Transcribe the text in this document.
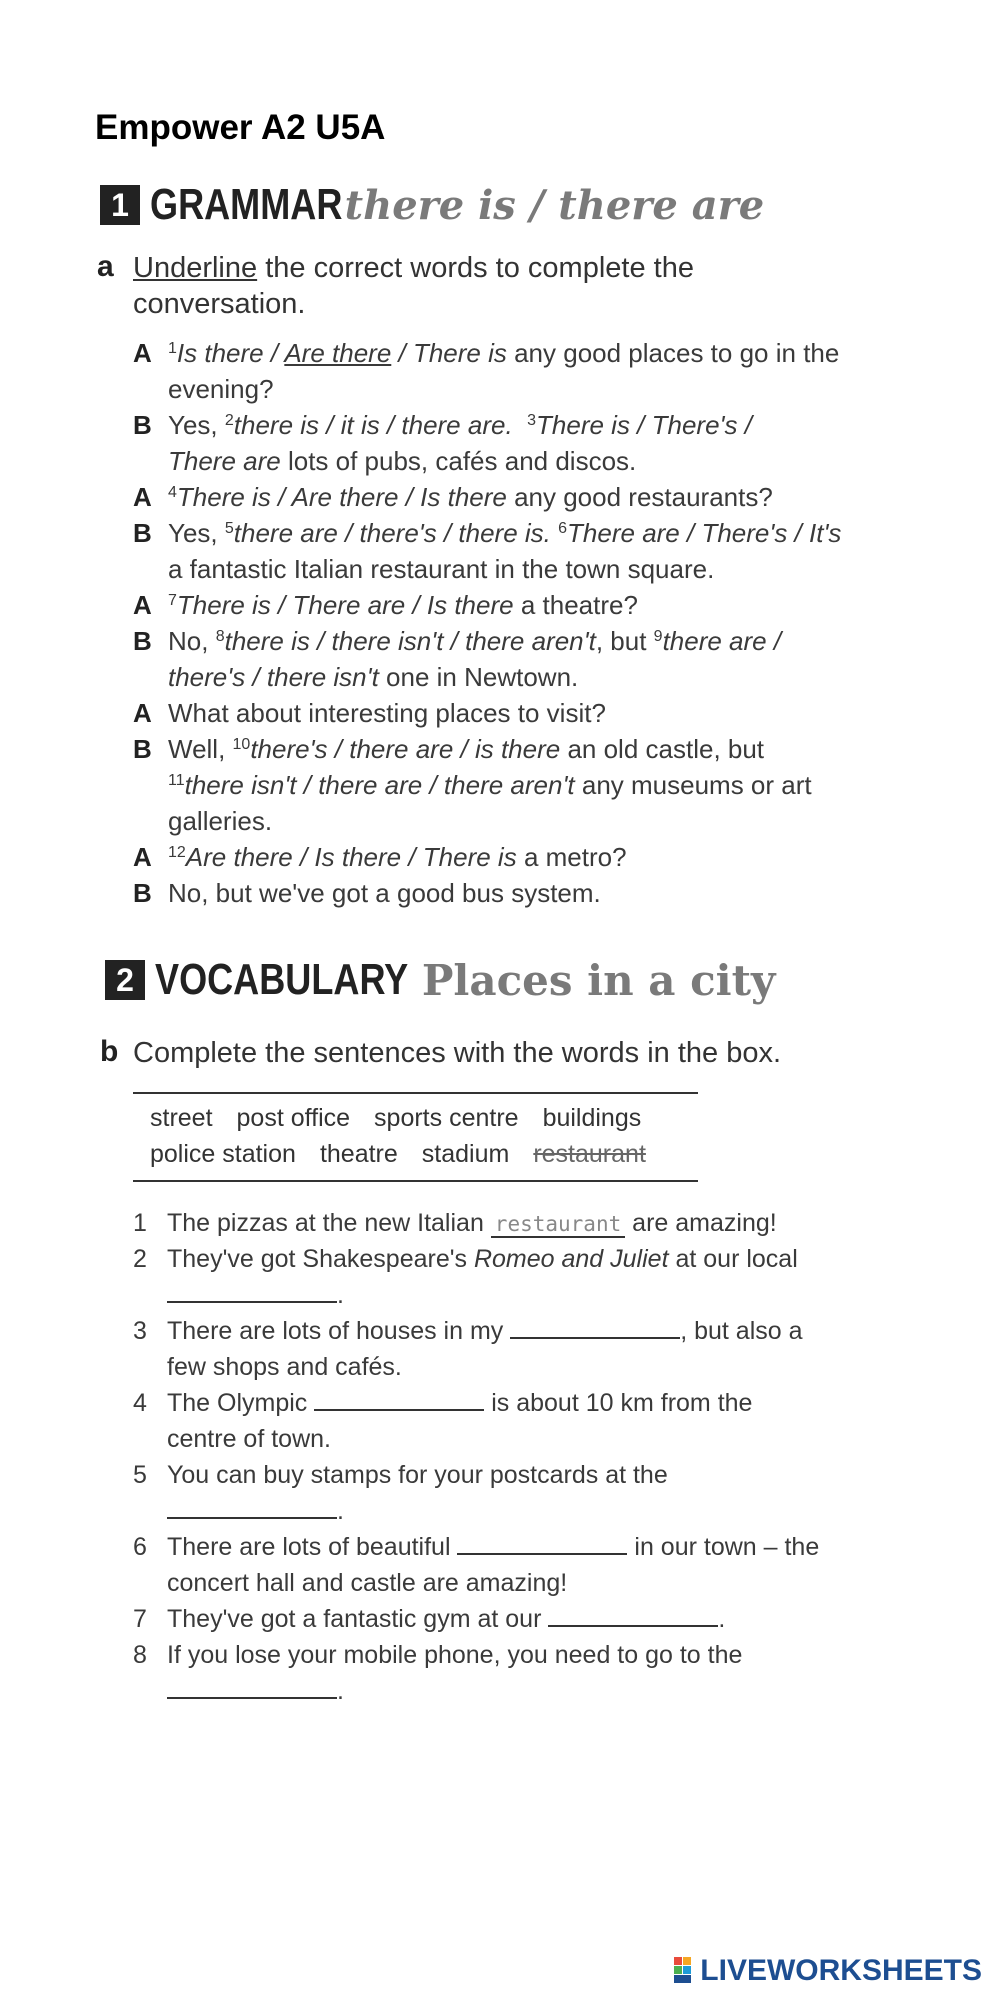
Empower A2 U5A
1 GRAMMAR there is / there are
a Underline the correct words to complete the
conversation.
A	$^1$Is there / Are there / There is any good places to go in the
evening?
B Yes, $^2$there is / it is / there are. $^3$There is / There's /
There are lots of pubs, cafés and discos.
A	$^4$There is / Are there / Is there any good restaurants?
B Yes, $^5$there are / there's / there is. $^6$There are / There's / It's
a fantastic Italian restaurant in the town square.
A	$^7$There is / There are / Is there a theatre?
B No, $^8$there is / there isn't / there aren't, but $^9$there are /
there's / there isn't one in Newtown.
A What about interesting places to visit?
B Well, $^{10}$there's / there are / is there an old castle, but
$^{11}$there isn't / there are / there aren't any museums or art
galleries.
A	$^{12}$Are there / Is there / There is a metro?
B No, but we've got a good bus system.
2 VOCABULARY Places in a city
b Complete the sentences with the words in the box.
street post office sports centre buildings
police station theatre stadium restaurant
1 The pizzas at the new Italian restaurant are amazing!
2 They've got Shakespeare's Romeo and Juliet at our local
.
3 There are lots of houses in my	, but also a
few shops and cafés.
4 The Olympic	is about 10 km from the
centre of town.
5 You can buy stamps for your postcards at the
.
6 There are lots of beautiful	in our town – the
concert hall and castle are amazing!
7 They've got a fantastic gym at our	.
8 If you lose your mobile phone, you need to go to the
.
LIVEWORKSHEETS
